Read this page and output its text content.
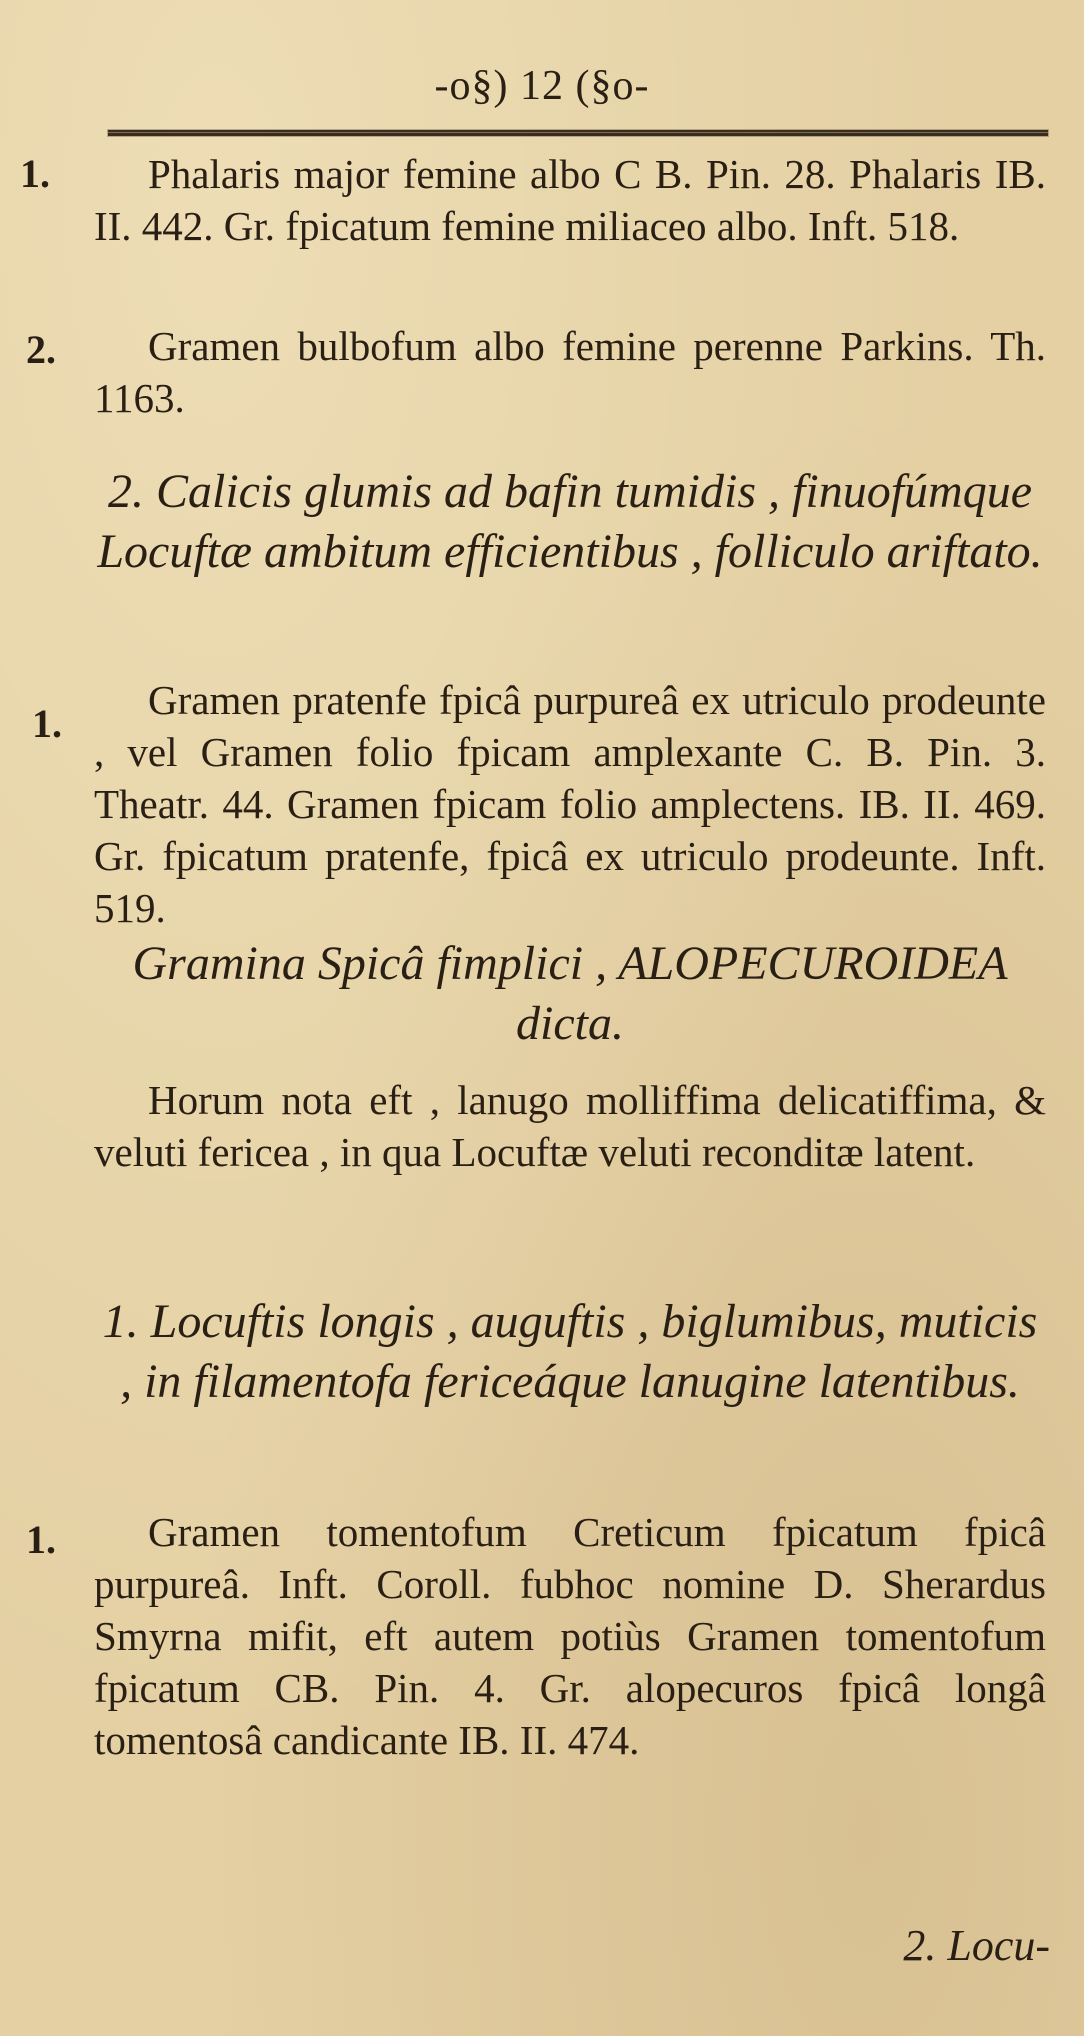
-o§) 12 (§o-
1.	Phalaris major femine albo C B. Pin. 28. Phalaris IB. II. 442. Gr. fpicatum femine miliaceo albo. Inft. 518.
2.	Gramen bulbofum albo femine perenne Parkins. Th. 1163.
2. Calicis glumis ad bafin tumidis , finuofúmque Locuftæ ambitum efficientibus , folliculo ariftato.
1.
Gramen pratenfe fpicâ purpureâ ex utriculo prodeunte , vel Gramen folio fpicam amplexante C. B. Pin. 3. Theatr. 44. Gramen fpicam folio amplectens. IB. II. 469. Gr. fpicatum pratenfe, fpicâ ex utriculo prodeunte. Inft. 519.
Gramina Spicâ fimplici , ALOPECUROIDEA dicta.
Horum nota eft , lanugo molliffima delicatiffima, & veluti fericea , in qua Locuftæ veluti reconditæ latent.
1. Locuftis longis , auguftis , biglumibus, muticis , in filamentofa fericeáque lanugine latentibus.
1.	Gramen tomentofum Creticum fpicatum fpicâ purpureâ. Inft. Coroll. fubhoc nomine D. Sherardus Smyrna mifit, eft autem potiùs Gramen tomentofum fpicatum CB. Pin. 4. Gr. alopecuros fpicâ longâ tomentosâ candicante IB. II. 474.
2. Locu-
